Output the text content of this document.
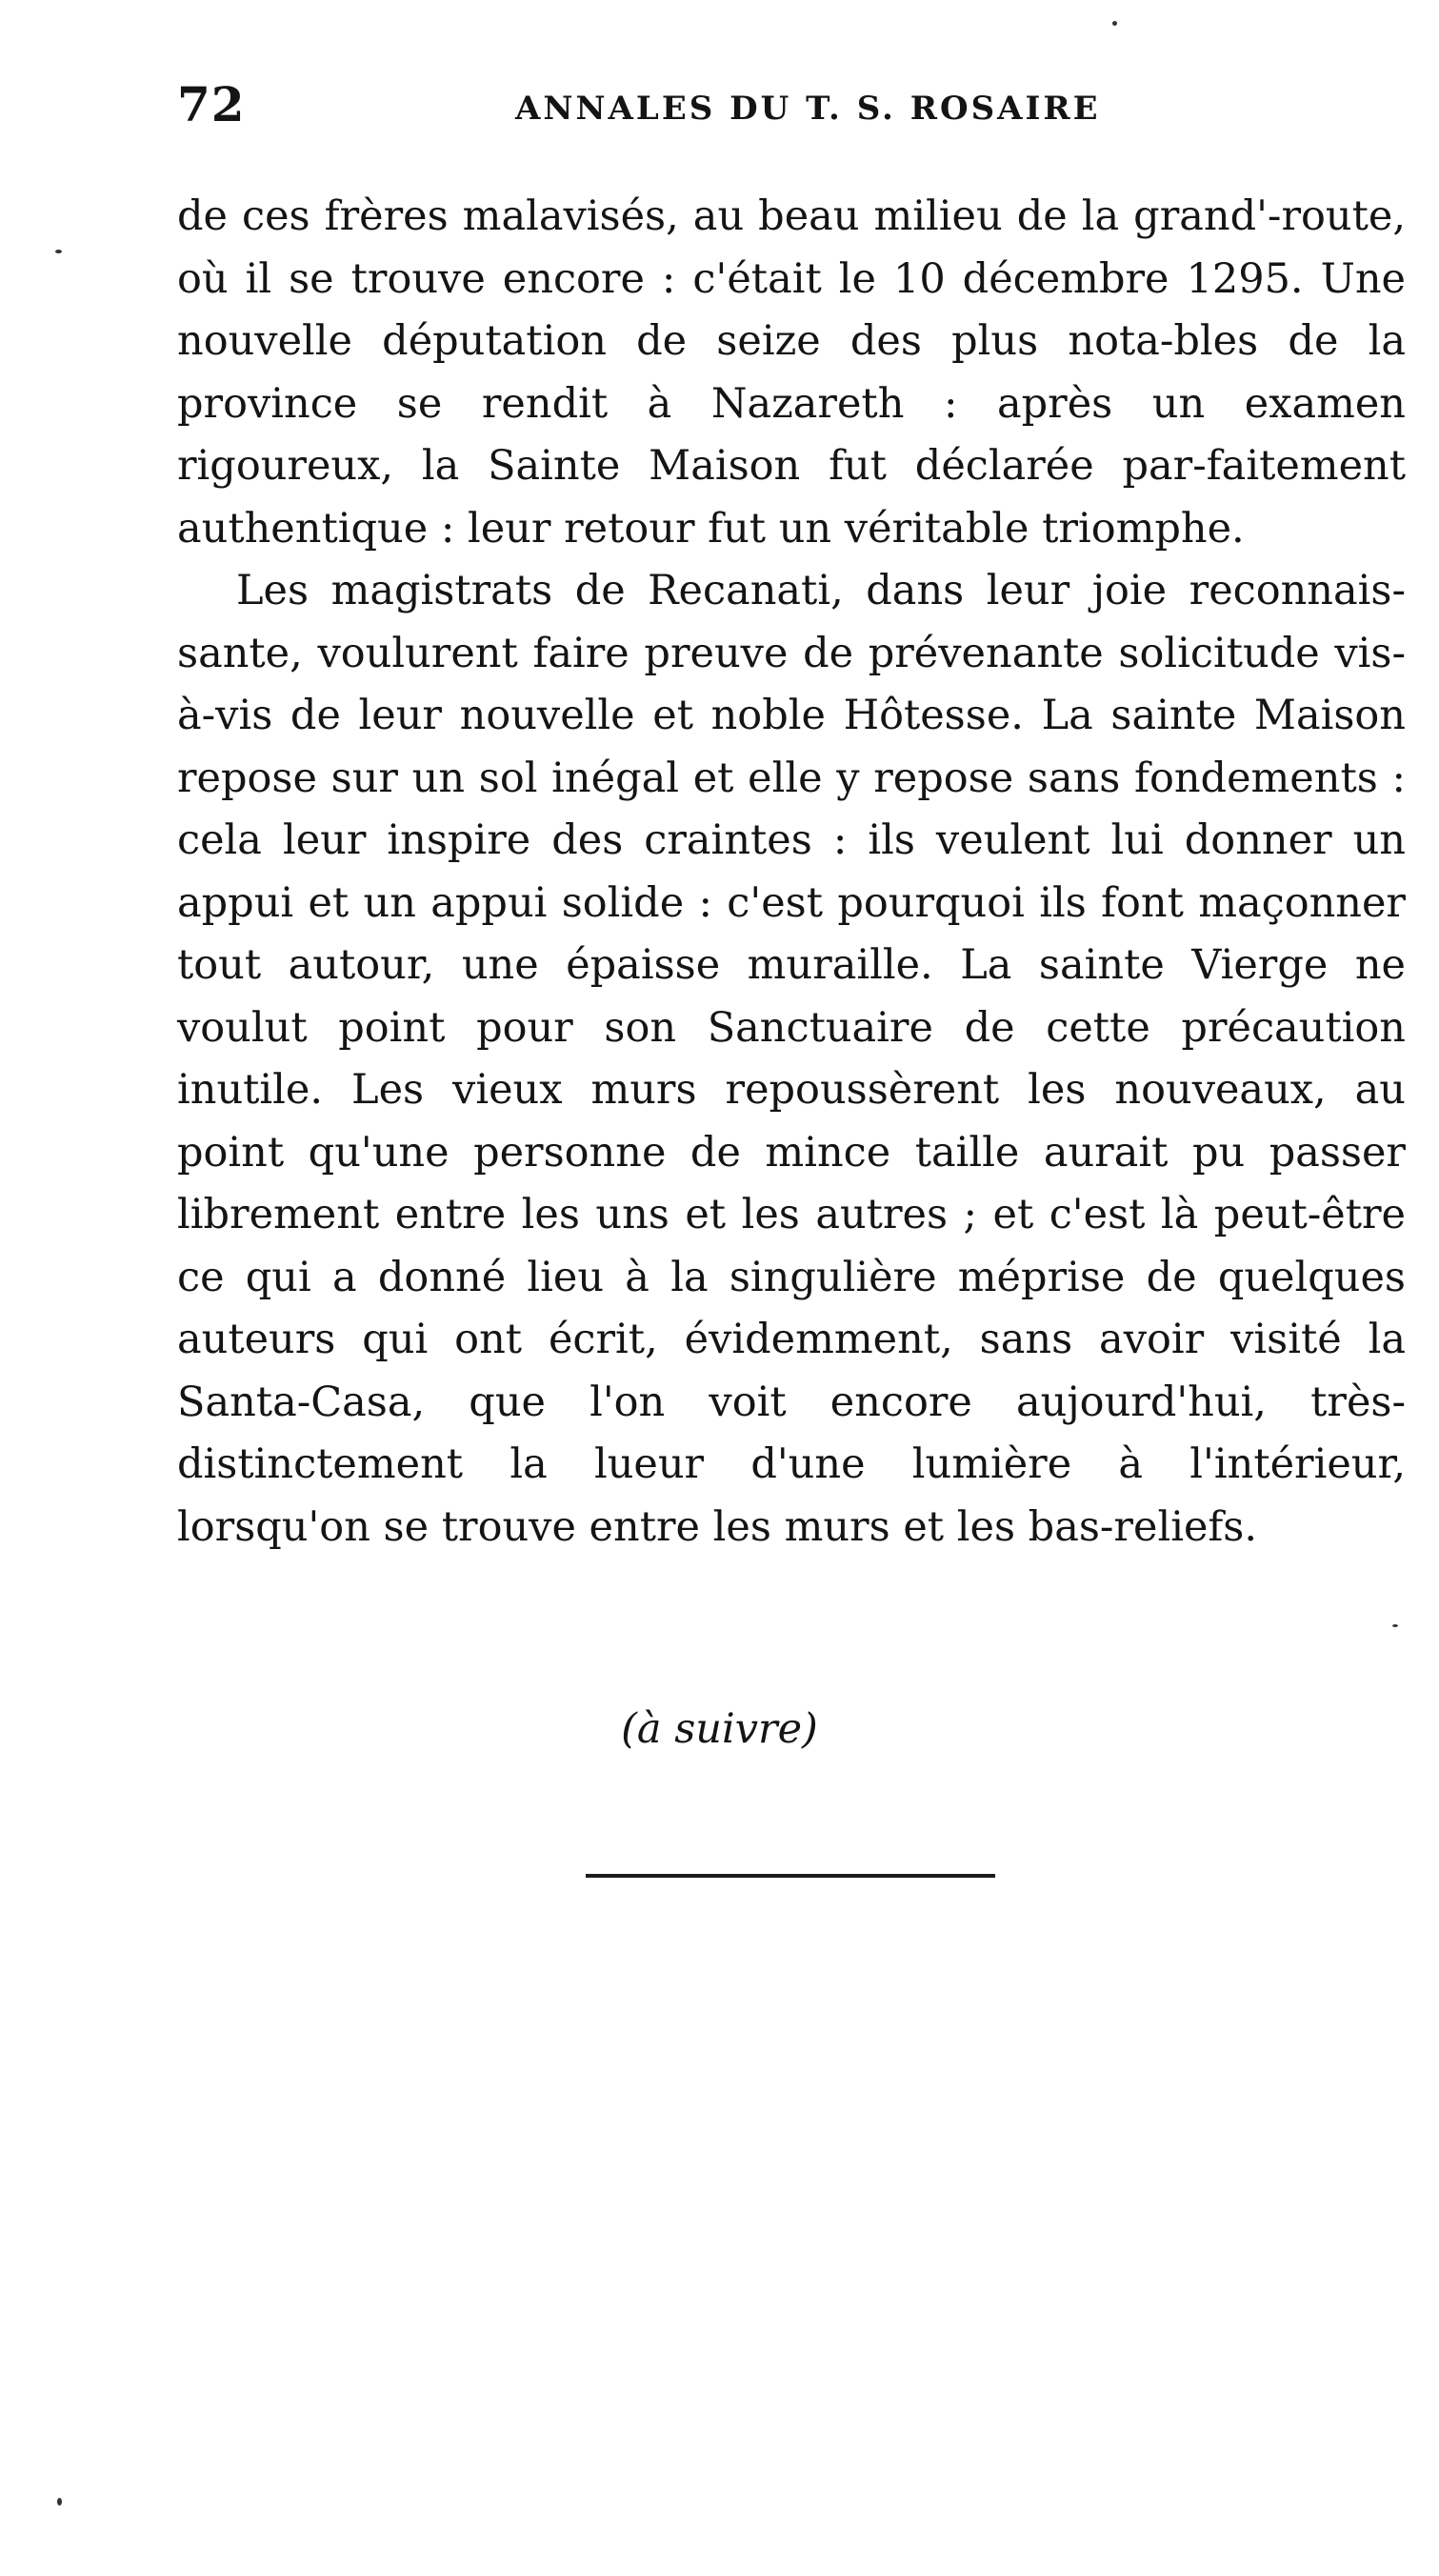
72	ANNALES DU T. S. ROSAIRE

de ces frères malavisés, au beau milieu de la grand'-route, où il se trouve encore : c'était le 10 décembre 1295. Une nouvelle députation de seize des plus nota-bles de la province se rendit à Nazareth : après un examen rigoureux, la Sainte Maison fut déclarée par-faitement authentique : leur retour fut un véritable triomphe.

Les magistrats de Recanati, dans leur joie reconnais-sante, voulurent faire preuve de prévenante solicitude vis-à-vis de leur nouvelle et noble Hôtesse. La sainte Maison repose sur un sol inégal et elle y repose sans fondements : cela leur inspire des craintes : ils veulent lui donner un appui et un appui solide : c'est pourquoi ils font maçonner tout autour, une épaisse muraille. La sainte Vierge ne voulut point pour son Sanctuaire de cette précaution inutile. Les vieux murs repoussèrent les nouveaux, au point qu'une personne de mince taille aurait pu passer librement entre les uns et les autres ; et c'est là peut-être ce qui a donné lieu à la singulière méprise de quelques auteurs qui ont écrit, évidemment, sans avoir visité la Santa-Casa, que l'on voit encore aujourd'hui, très-distinctement la lueur d'une lumière à l'intérieur, lorsqu'on se trouve entre les murs et les bas-reliefs.

(à suivre)
